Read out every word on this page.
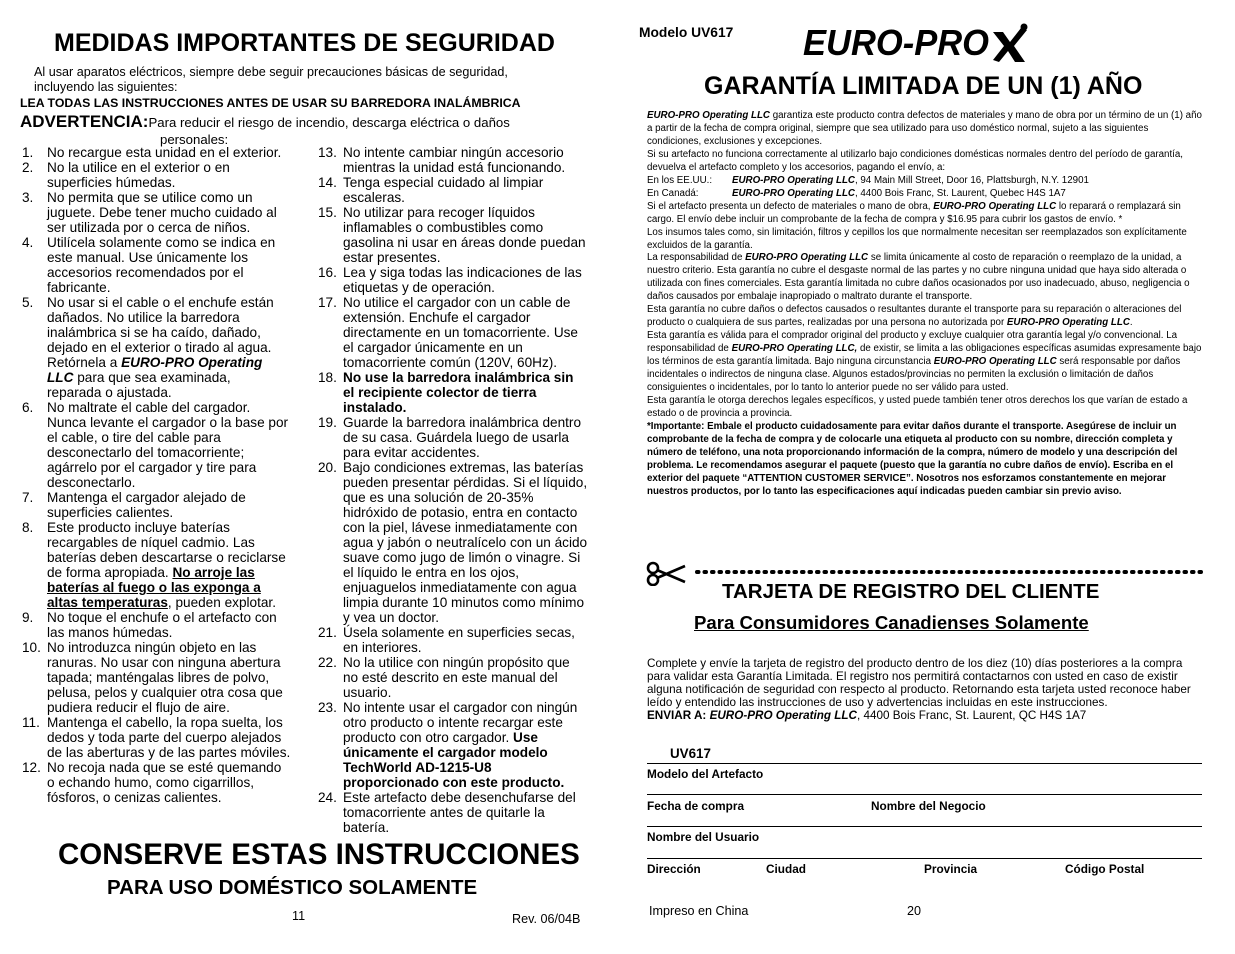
MEDIDAS IMPORTANTES DE SEGURIDAD
Al usar aparatos eléctricos, siempre debe seguir precauciones básicas de seguridad,
incluyendo las siguientes:
LEA TODAS LAS INSTRUCCIONES ANTES DE USAR SU BARREDORA INALÁMBRICA
ADVERTENCIA:Para reducir el riesgo de incendio, descarga eléctrica o daños
personales:
1. No recargue esta unidad en el exterior.
2. No la utilice en el exterior o en
superficies húmedas.
3. No permita que se utilice como un
juguete. Debe tener mucho cuidado al
ser utilizada por o cerca de niños.
4. Utilícela solamente como se indica en
este manual. Use únicamente los
accesorios recomendados por el
fabricante.
5. No usar si el cable o el enchufe están
dañados. No utilice la barredora
inalámbrica si se ha caído, dañado,
dejado en el exterior o tirado al agua.
Retórnela a EURO-PRO Operating
LLC para que sea examinada,
reparada o ajustada.
6. No maltrate el cable del cargador.
Nunca levante el cargador o la base por
el cable, o tire del cable para
desconectarlo del tomacorriente;
agárrelo por el cargador y tire para
desconectarlo.
7. Mantenga el cargador alejado de
superficies calientes.
8. Este producto incluye baterías
recargables de níquel cadmio. Las
baterías deben descartarse o reciclarse
de forma apropiada. No arroje las
baterías al fuego o las exponga a
altas temperaturas, pueden explotar.
9. No toque el enchufe o el artefacto con
las manos húmedas.
10. No introduzca ningún objeto en las
ranuras. No usar con ninguna abertura
tapada; manténgalas libres de polvo,
pelusa, pelos y cualquier otra cosa que
pudiera reducir el flujo de aire.
11. Mantenga el cabello, la ropa suelta, los
dedos y toda parte del cuerpo alejados
de las aberturas y de las partes móviles.
12. No recoja nada que se esté quemando
o echando humo, como cigarrillos,
fósforos, o cenizas calientes.
13. No intente cambiar ningún accesorio
mientras la unidad está funcionando.
14. Tenga especial cuidado al limpiar
escaleras.
15. No utilizar para recoger líquidos
inflamables o combustibles como
gasolina ni usar en áreas donde puedan
estar presentes.
16. Lea y siga todas las indicaciones de las
etiquetas y de operación.
17. No utilice el cargador con un cable de
extensión. Enchufe el cargador
directamente en un tomacorriente. Use
el cargador únicamente en un
tomacorriente común (120V, 60Hz).
18. No use la barredora inalámbrica sin
el recipiente colector de tierra
instalado.
19. Guarde la barredora inalámbrica dentro
de su casa. Guárdela luego de usarla
para evitar accidentes.
20. Bajo condiciones extremas, las baterías
pueden presentar pérdidas. Si el líquido,
que es una solución de 20-35%
hidróxido de potasio, entra en contacto
con la piel, lávese inmediatamente con
agua y jabón o neutralícelo con un ácido
suave como jugo de limón o vinagre. Si
el líquido le entra en los ojos,
enjuaguelos inmediatamente con agua
limpia durante 10 minutos como mínimo
y vea un doctor.
21. Úsela solamente en superficies secas,
en interiores.
22. No la utilice con ningún propósito que
no esté descrito en este manual del
usuario.
23. No intente usar el cargador con ningún
otro producto o intente recargar este
producto con otro cargador. Use
únicamente el cargador modelo
TechWorld AD-1215-U8
proporcionado con este producto.
24. Este artefacto debe desenchufarse del
tomacorriente antes de quitarle la
batería.
CONSERVE ESTAS INSTRUCCIONES
PARA USO DOMÉSTICO SOLAMENTE
11	Rev. 06/04B
Modelo UV617 EURO-PRO
GARANTÍA LIMITADA DE UN (1) AÑO

EURO-PRO Operating LLC garantiza este producto contra defectos de materiales y mano de obra por un término de un (1) año a partir de la fecha de compra original, siempre que sea utilizado para uso doméstico normal, sujeto a las siguientes condiciones, exclusiones y excepciones.

Si su artefacto no funciona correctamente al utilizarlo bajo condiciones domésticas normales dentro del período de garantía, devuelva el artefacto completo y los accesorios, pagando el envío, a:

En los EE.UU.: EURO-PRO Operating LLC, 94 Main Mill Street, Door 16, Plattsburgh, N.Y. 12901

En Canadá:	EURO-PRO Operating LLC, 4400 Bois Franc, St. Laurent, Quebec H4S 1A7

Si el artefacto presenta un defecto de materiales o mano de obra, EURO-PRO Operating LLC lo reparará o remplazará sin cargo. El envío debe incluir un comprobante de la fecha de compra y $16.95 para cubrir los gastos de envío. *

Los insumos tales como, sin limitación, filtros y cepillos los que normalmente necesitan ser reemplazados son explícitamente excluidos de la garantía.

La responsabilidad de EURO-PRO Operating LLC se limita únicamente al costo de reparación o reemplazo de la unidad, a nuestro criterio. Esta garantía no cubre el desgaste normal de las partes y no cubre ninguna unidad que haya sido alterada o utilizada con fines comerciales. Esta garantía limitada no cubre daños ocasionados por uso inadecuado, abuso, negligencia o daños causados por embalaje inapropiado o maltrato durante el transporte.

Esta garantía no cubre daños o defectos causados o resultantes durante el transporte para su reparación o alteraciones del producto o cualquiera de sus partes, realizadas por una persona no autorizada por EURO-PRO Operating LLC.

Esta garantía es válida para el comprador original del producto y excluye cualquier otra garantía legal y/o convencional. La responsabilidad de EURO-PRO Operating LLC, de existir, se limita a las obligaciones específicas asumidas expresamente bajo los términos de esta garantía limitada. Bajo ninguna circunstancia EURO-PRO Operating LLC será responsable por daños incidentales o indirectos de ninguna clase. Algunos estados/provincias no permiten la exclusión o limitación de daños consiguientes o incidentales, por lo tanto lo anterior puede no ser válido para usted.

Esta garantía le otorga derechos legales específicos, y usted puede también tener otros derechos los que varían de estado a estado o de provincia a provincia.

*Importante: Embale el producto cuidadosamente para evitar daños durante el transporte. Asegúrese de incluir un comprobante de la fecha de compra y de colocarle una etiqueta al producto con su nombre, dirección completa y número de teléfono, una nota proporcionando información de la compra, número de modelo y una descripción del problema. Le recomendamos asegurar el paquete (puesto que la garantía no cubre daños de envío). Escriba en el exterior del paquete “ATTENTION CUSTOMER SERVICE”. Nosotros nos esforzamos constantemente en mejorar nuestros productos, por lo tanto las especificaciones aquí indicadas pueden cambiar sin previo aviso.

TARJETA DE REGISTRO DEL CLIENTE
Para Consumidores Canadienses Solamente

Complete y envíe la tarjeta de registro del producto dentro de los diez (10) días posteriores a la compra para validar esta Garantía Limitada. El registro nos permitirá contactarnos con usted en caso de existir alguna notificación de seguridad con respecto al producto. Retornando esta tarjeta usted reconoce haber leído y entendido las instrucciones de uso y advertencias incluidas en este instrucciones.

ENVIAR A: EURO-PRO Operating LLC, 4400 Bois Franc, St. Laurent, QC H4S 1A7

UV617
Modelo del Artefacto
Fecha de compra	Nombre del Negocio
Nombre del Usuario
Dirección	Ciudad	Provincia	Código Postal
Impreso en China	20
